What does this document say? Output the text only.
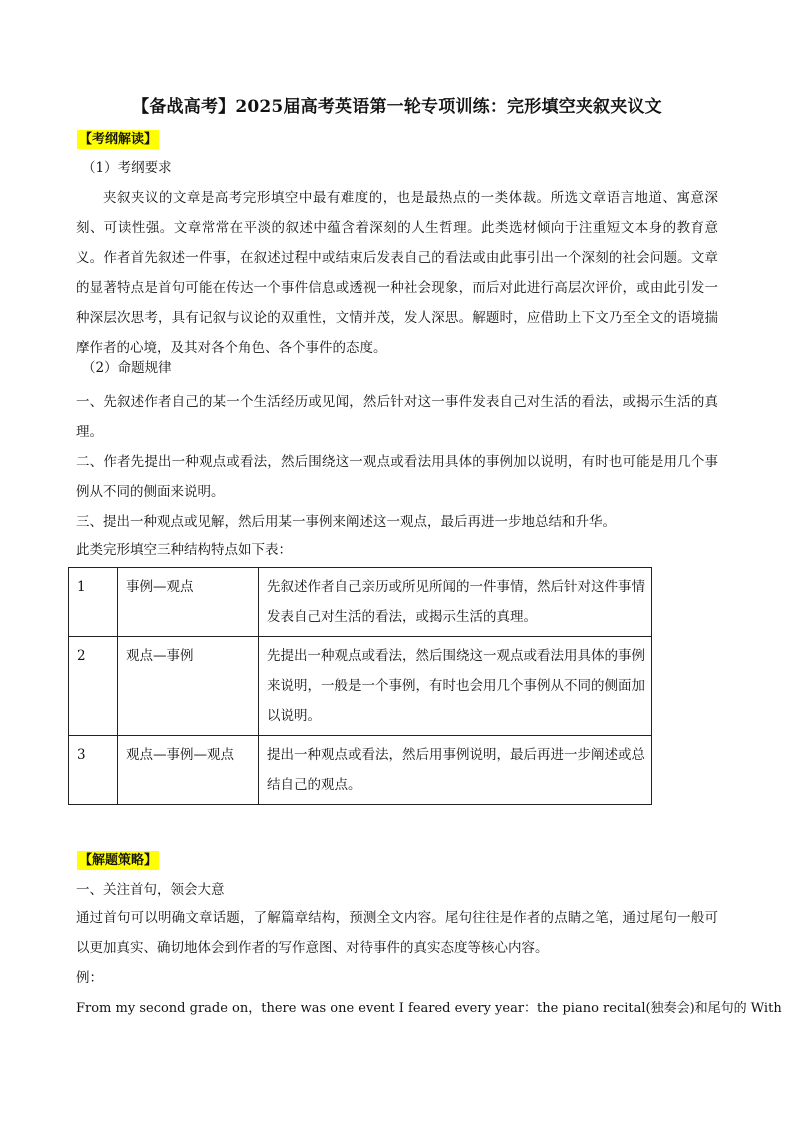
【备战高考】2025届高考英语第一轮专项训练：完形填空夹叙夹议文
【考纲解读】
（1）考纲要求
夹叙夹议的文章是高考完形填空中最有难度的，也是最热点的一类体裁。所选文章语言地道、寓意深刻、可读性强。文章常常在平淡的叙述中蕴含着深刻的人生哲理。此类选材倾向于注重短文本身的教育意义。作者首先叙述一件事，在叙述过程中或结束后发表自己的看法或由此事引出一个深刻的社会问题。文章的显著特点是首句可能在传达一个事件信息或透视一种社会现象，而后对此进行高层次评价，或由此引发一种深层次思考，具有记叙与议论的双重性，文情并茂，发人深思。解题时，应借助上下文乃至全文的语境揣摩作者的心境，及其对各个角色、各个事件的态度。
（2）命题规律
一、先叙述作者自己的某一个生活经历或见闻，然后针对这一事件发表自己对生活的看法，或揭示生活的真理。
二、作者先提出一种观点或看法，然后围绕这一观点或看法用具体的事例加以说明，有时也可能是用几个事例从不同的侧面来说明。
三、提出一种观点或见解，然后用某一事例来阐述这一观点，最后再进一步地总结和升华。
此类完形填空三种结构特点如下表：
1	事例—观点	先叙述作者自己亲历或所见所闻的一件事情，然后针对这件事情发表自己对生活的看法，或揭示生活的真理。
2	观点—事例	先提出一种观点或看法，然后围绕这一观点或看法用具体的事例来说明，一般是一个事例，有时也会用几个事例从不同的侧面加以说明。
3	观点—事例—观点	提出一种观点或看法，然后用事例说明，最后再进一步阐述或总结自己的观点。
【解题策略】
一、关注首句，领会大意
通过首句可以明确文章话题，了解篇章结构，预测全文内容。尾句往往是作者的点睛之笔，通过尾句一般可以更加真实、确切地体会到作者的写作意图、对待事件的真实态度等核心内容。
例：
From my second grade on，there was one event I feared every year：the piano recital(独奏会)和尾句的 With
